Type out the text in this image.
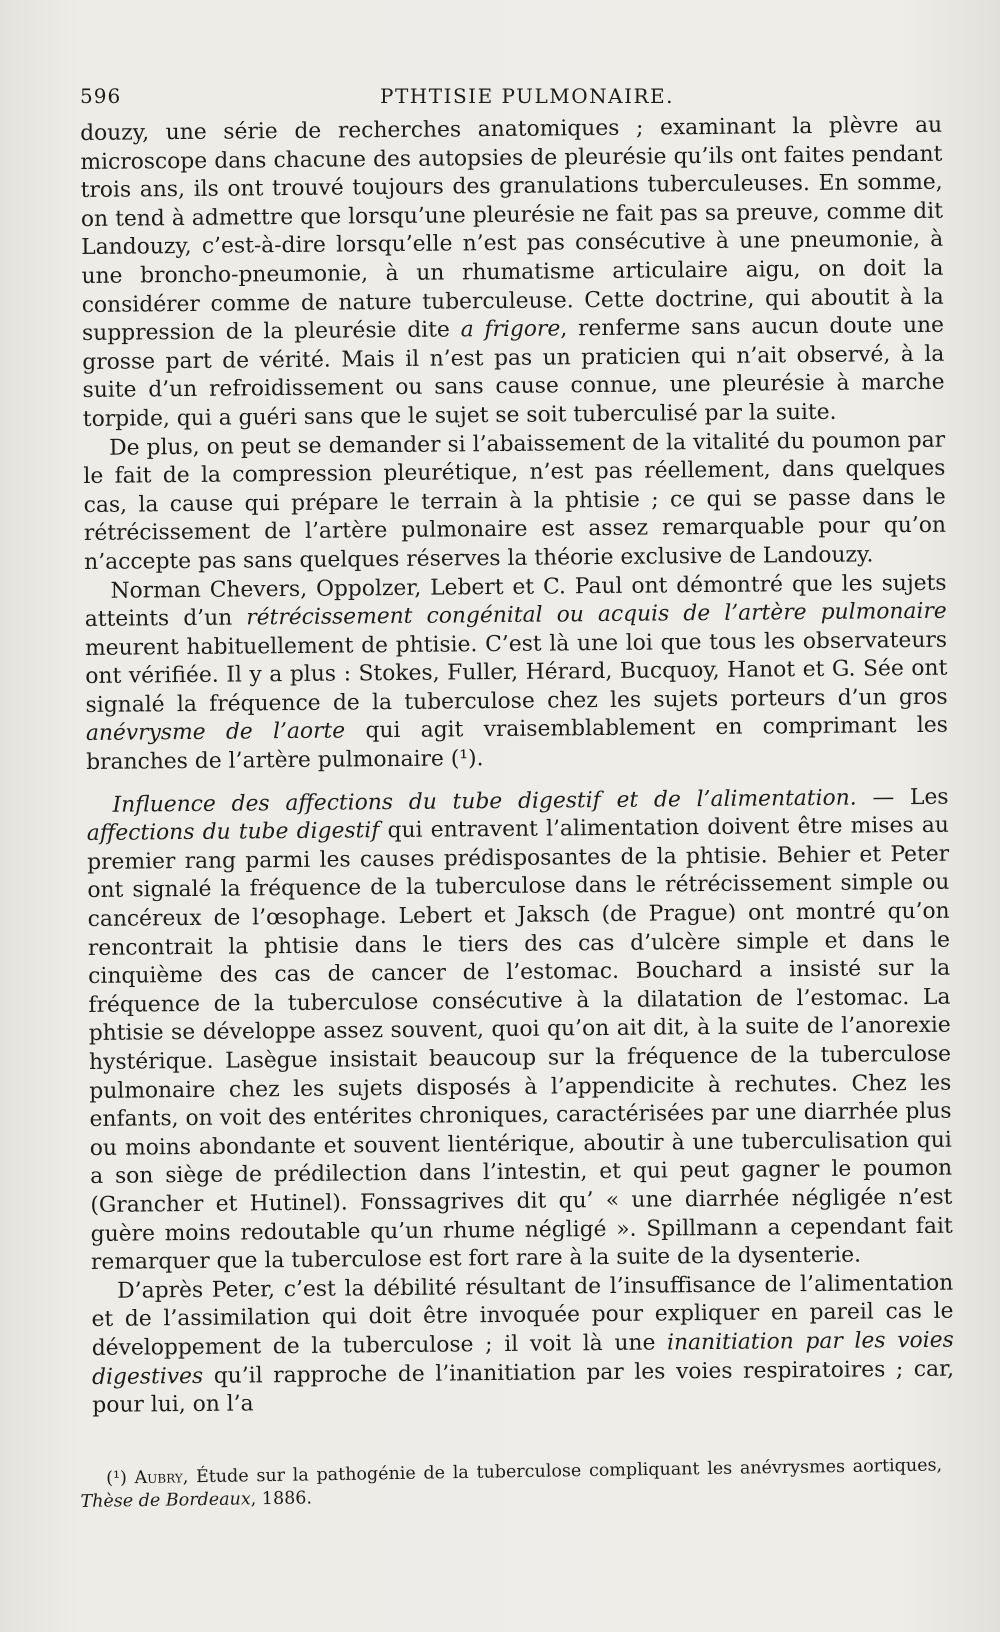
596	PTHTISIE PULMONAIRE.

douzy, une série de recherches anatomiques ; examinant la plèvre au microscope dans chacune des autopsies de pleurésie qu’ils ont faites pendant trois ans, ils ont trouvé toujours des granulations tuberculeuses. En somme, on tend à admettre que lorsqu’une pleurésie ne fait pas sa preuve, comme dit Landouzy, c’est-à-dire lorsqu’elle n’est pas consécutive à une pneumonie, à une broncho-pneumonie, à un rhumatisme articulaire aigu, on doit la considérer comme de nature tuberculeuse. Cette doctrine, qui aboutit à la suppression de la pleurésie dite a frigore, renferme sans aucun doute une grosse part de vérité. Mais il n’est pas un praticien qui n’ait observé, à la suite d’un refroidissement ou sans cause connue, une pleurésie à marche torpide, qui a guéri sans que le sujet se soit tuberculisé par la suite.

De plus, on peut se demander si l’abaissement de la vitalité du poumon par le fait de la compression pleurétique, n’est pas réellement, dans quelques cas, la cause qui prépare le terrain à la phtisie ; ce qui se passe dans le rétrécissement de l’artère pulmonaire est assez remarquable pour qu’on n’accepte pas sans quelques réserves la théorie exclusive de Landouzy.

Norman Chevers, Oppolzer, Lebert et C. Paul ont démontré que les sujets atteints d’un rétrécissement congénital ou acquis de l’artère pulmonaire meurent habituellement de phtisie. C’est là une loi que tous les observateurs ont vérifiée. Il y a plus : Stokes, Fuller, Hérard, Bucquoy, Hanot et G. Sée ont signalé la fréquence de la tuberculose chez les sujets porteurs d’un gros anévrysme de l’aorte qui agit vraisemblablement en comprimant les branches de l’artère pulmonaire (¹).

Influence des affections du tube digestif et de l’alimentation. — Les affections du tube digestif qui entravent l’alimentation doivent être mises au premier rang parmi les causes prédisposantes de la phtisie. Behier et Peter ont signalé la fréquence de la tuberculose dans le rétrécissement simple ou cancéreux de l’œsophage. Lebert et Jaksch (de Prague) ont montré qu’on rencontrait la phtisie dans le tiers des cas d’ulcère simple et dans le cinquième des cas de cancer de l’estomac. Bouchard a insisté sur la fréquence de la tuberculose consécutive à la dilatation de l’estomac. La phtisie se développe assez souvent, quoi qu’on ait dit, à la suite de l’anorexie hystérique. Lasègue insistait beaucoup sur la fréquence de la tuberculose pulmonaire chez les sujets disposés à l’appendicite à rechutes. Chez les enfants, on voit des entérites chroniques, caractérisées par une diarrhée plus ou moins abondante et souvent lientérique, aboutir à une tuberculisation qui a son siège de prédilection dans l’intestin, et qui peut gagner le poumon (Grancher et Hutinel). Fonssagrives dit qu’ « une diarrhée négligée n’est guère moins redoutable qu’un rhume négligé ». Spillmann a cependant fait remarquer que la tuberculose est fort rare à la suite de la dysenterie.

D’après Peter, c’est la débilité résultant de l’insuffisance de l’alimentation et de l’assimilation qui doit être invoquée pour expliquer en pareil cas le développement de la tuberculose ; il voit là une inanitiation par les voies digestives qu’il rapproche de l’inanitiation par les voies respiratoires ; car, pour lui, on l’a

(¹) Aubry, Étude sur la pathogénie de la tuberculose compliquant les anévrysmes aortiques, Thèse de Bordeaux, 1886.
